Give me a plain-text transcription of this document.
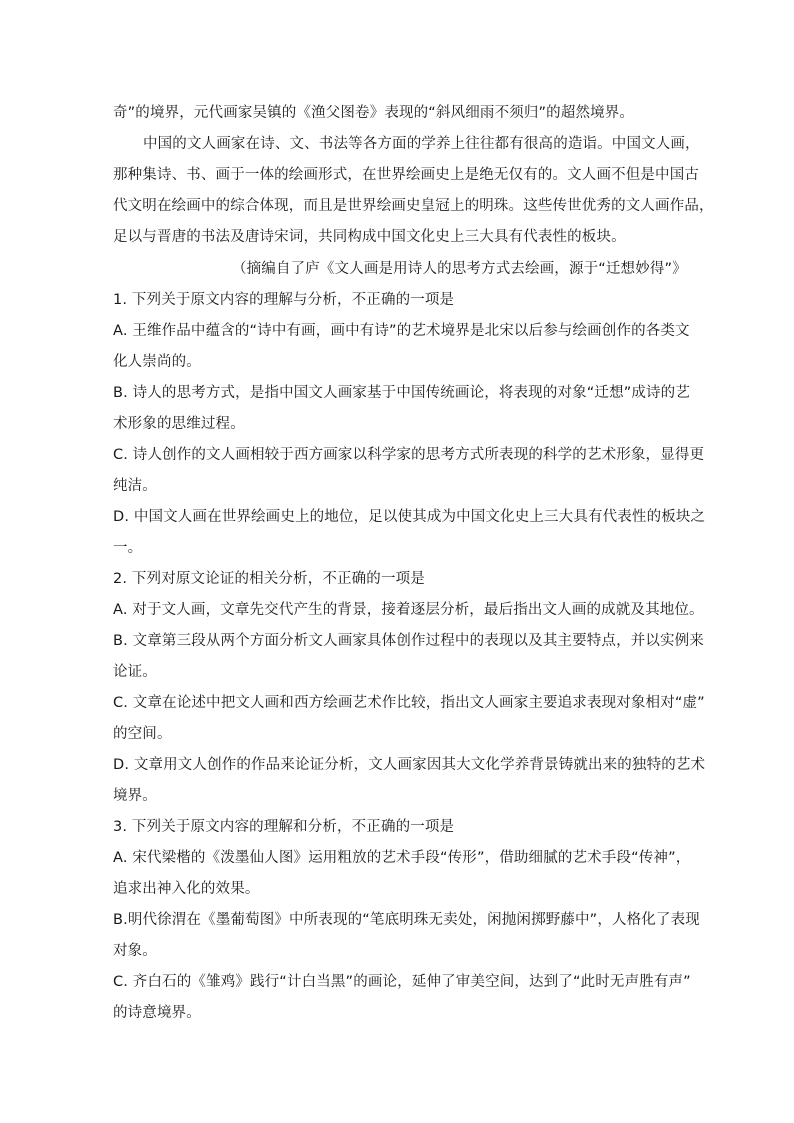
奇”的境界，元代画家吴镇的《渔父图卷》表现的“斜风细雨不须归”的超然境界。
中国的文人画家在诗、文、书法等各方面的学养上往往都有很高的造诣。中国文人画，
那种集诗、书、画于一体的绘画形式，在世界绘画史上是绝无仅有的。文人画不但是中国古
代文明在绘画中的综合体现，而且是世界绘画史皇冠上的明珠。这些传世优秀的文人画作品，
足以与晋唐的书法及唐诗宋词，共同构成中国文化史上三大具有代表性的板块。
（摘编自了庐《文人画是用诗人的思考方式去绘画，源于“迁想妙得”》
1. 下列关于原文内容的理解与分析，不正确的一项是
A. 王维作品中蕴含的“诗中有画，画中有诗”的艺术境界是北宋以后参与绘画创作的各类文
化人崇尚的。
B. 诗人的思考方式，是指中国文人画家基于中国传统画论，将表现的对象“迁想”成诗的艺
术形象的思维过程。
C. 诗人创作的文人画相较于西方画家以科学家的思考方式所表现的科学的艺术形象，显得更
纯洁。
D. 中国文人画在世界绘画史上的地位，足以使其成为中国文化史上三大具有代表性的板块之
一。
2. 下列对原文论证的相关分析，不正确的一项是
A. 对于文人画，文章先交代产生的背景，接着逐层分析，最后指出文人画的成就及其地位。
B. 文章第三段从两个方面分析文人画家具体创作过程中的表现以及其主要特点，并以实例来
论证。
C. 文章在论述中把文人画和西方绘画艺术作比较，指出文人画家主要追求表现对象相对“虚”
的空间。
D. 文章用文人创作的作品来论证分析，文人画家因其大文化学养背景铸就出来的独特的艺术
境界。
3. 下列关于原文内容的理解和分析，不正确的一项是
A. 宋代梁楷的《泼墨仙人图》运用粗放的艺术手段“传形”，借助细腻的艺术手段“传神”，
追求出神入化的效果。
B.明代徐渭在《墨葡萄图》中所表现的“笔底明珠无卖处，闲抛闲掷野藤中”，人格化了表现
对象。
C. 齐白石的《雏鸡》践行“计白当黑”的画论，延伸了审美空间，达到了“此时无声胜有声”
的诗意境界。
